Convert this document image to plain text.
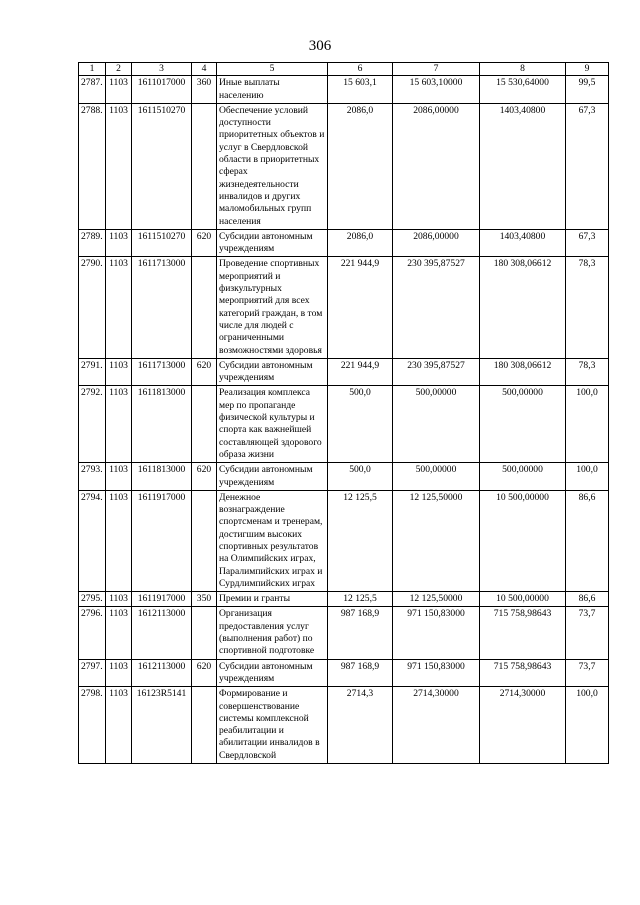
306
1	2	3	4	5	6	7	8	9
2787.	1103	1611017000	360	Иные выплаты населению	15 603,1	15 603,10000	15 530,64000	99,5
2788.	1103	1611510270		Обеспечение условий доступности приоритетных объектов и услуг в Свердловской области в приоритетных сферах жизнедеятельности инвалидов и других маломобильных групп населения	2086,0	2086,00000	1403,40800	67,3
2789.	1103	1611510270	620	Субсидии автономным учреждениям	2086,0	2086,00000	1403,40800	67,3
2790.	1103	1611713000		Проведение спортивных мероприятий и физкультурных мероприятий для всех категорий граждан, в том числе для людей с ограниченными возможностями здоровья	221 944,9	230 395,87527	180 308,06612	78,3
2791.	1103	1611713000	620	Субсидии автономным учреждениям	221 944,9	230 395,87527	180 308,06612	78,3
2792.	1103	1611813000		Реализация комплекса мер по пропаганде физической культуры и спорта как важнейшей составляющей здорового образа жизни	500,0	500,00000	500,00000	100,0
2793.	1103	1611813000	620	Субсидии автономным учреждениям	500,0	500,00000	500,00000	100,0
2794.	1103	1611917000		Денежное вознаграждение спортсменам и тренерам, достигшим высоких спортивных результатов на Олимпийских играх, Паралимпийских играх и Сурдлимпийских играх	12 125,5	12 125,50000	10 500,00000	86,6
2795.	1103	1611917000	350	Премии и гранты	12 125,5	12 125,50000	10 500,00000	86,6
2796.	1103	1612113000		Организация предоставления услуг (выполнения работ) по спортивной подготовке	987 168,9	971 150,83000	715 758,98643	73,7
2797.	1103	1612113000	620	Субсидии автономным учреждениям	987 168,9	971 150,83000	715 758,98643	73,7
2798.	1103	16123R5141		Формирование и совершенствование системы комплексной реабилитации и абилитации инвалидов в Свердловской	2714,3	2714,30000	2714,30000	100,0
